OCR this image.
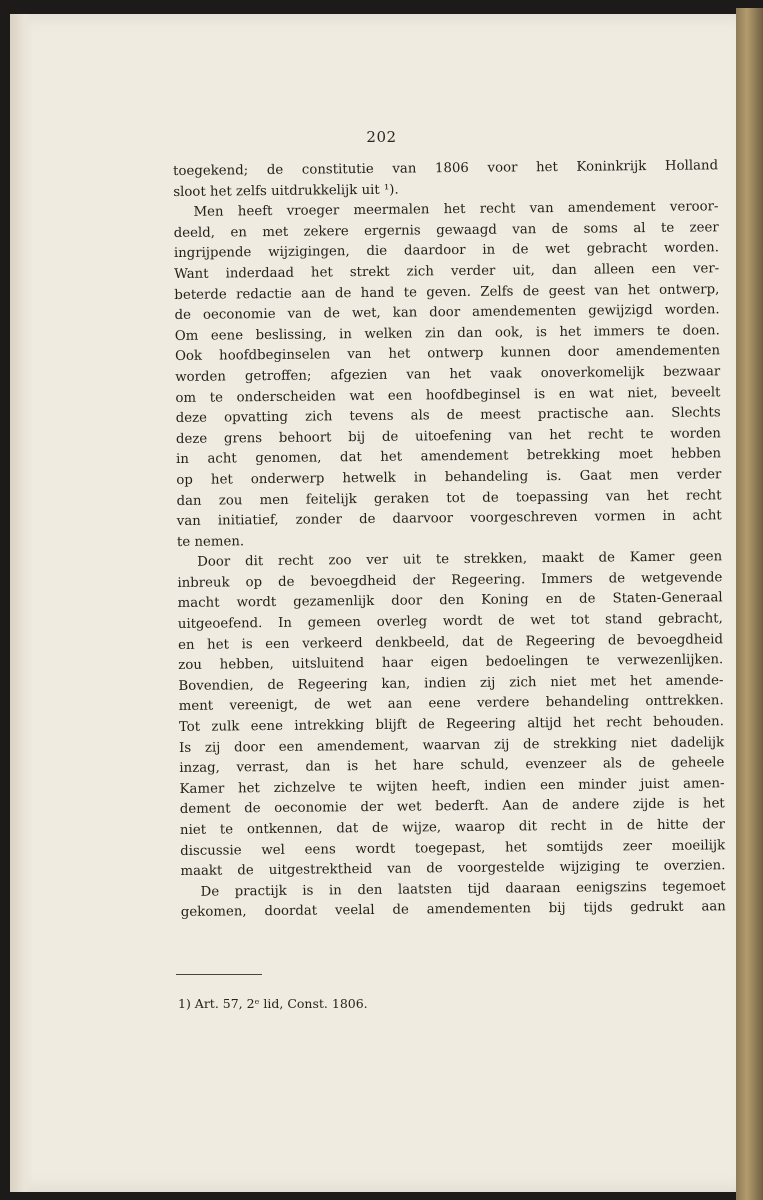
202
toegekend; de constitutie van 1806 voor het Koninkrijk Holland
sloot het zelfs uitdrukkelijk uit ¹).
Men heeft vroeger meermalen het recht van amendement veroor-
deeld, en met zekere ergernis gewaagd van de soms al te zeer
ingrijpende wijzigingen, die daardoor in de wet gebracht worden.
Want inderdaad het strekt zich verder uit, dan alleen een ver-
beterde redactie aan de hand te geven. Zelfs de geest van het ontwerp,
de oeconomie van de wet, kan door amendementen gewijzigd worden.
Om eene beslissing, in welken zin dan ook, is het immers te doen.
Ook hoofdbeginselen van het ontwerp kunnen door amendementen
worden getroffen; afgezien van het vaak onoverkomelijk bezwaar
om te onderscheiden wat een hoofdbeginsel is en wat niet, beveelt
deze opvatting zich tevens als de meest practische aan. Slechts
deze grens behoort bij de uitoefening van het recht te worden
in acht genomen, dat het amendement betrekking moet hebben
op het onderwerp hetwelk in behandeling is. Gaat men verder
dan zou men feitelijk geraken tot de toepassing van het recht
van initiatief, zonder de daarvoor voorgeschreven vormen in acht
te nemen.
Door dit recht zoo ver uit te strekken, maakt de Kamer geen
inbreuk op de bevoegdheid der Regeering. Immers de wetgevende
macht wordt gezamenlijk door den Koning en de Staten-Generaal
uitgeoefend. In gemeen overleg wordt de wet tot stand gebracht,
en het is een verkeerd denkbeeld, dat de Regeering de bevoegdheid
zou hebben, uitsluitend haar eigen bedoelingen te verwezenlijken.
Bovendien, de Regeering kan, indien zij zich niet met het amende-
ment vereenigt, de wet aan eene verdere behandeling onttrekken.
Tot zulk eene intrekking blijft de Regeering altijd het recht behouden.
Is zij door een amendement, waarvan zij de strekking niet dadelijk
inzag, verrast, dan is het hare schuld, evenzeer als de geheele
Kamer het zichzelve te wijten heeft, indien een minder juist amen-
dement de oeconomie der wet bederft. Aan de andere zijde is het
niet te ontkennen, dat de wijze, waarop dit recht in de hitte der
discussie wel eens wordt toegepast, het somtijds zeer moeilijk
maakt de uitgestrektheid van de voorgestelde wijziging te overzien.
De practijk is in den laatsten tijd daaraan eenigszins tegemoet
gekomen, doordat veelal de amendementen bij tijds gedrukt aan
1) Art. 57, 2ᵉ lid, Const. 1806.
